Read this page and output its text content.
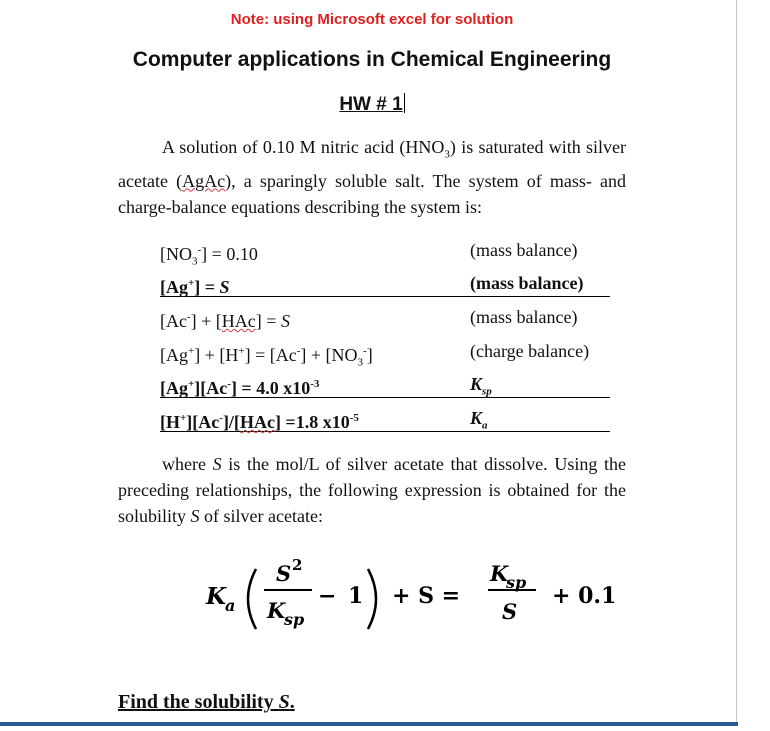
Note: using Microsoft excel for solution
Computer applications in Chemical Engineering
HW # 1
A solution of 0.10 M nitric acid $(HNO_3)$ is saturated with silver acetate (AgAc), a sparingly soluble salt. The system of mass- and charge-balance equations describing the system is:
$[NO_3^-] = 0.10$	(mass balance)
[Ag+] = S	(mass balance)
[Ac-] + [HAc] = S	(mass balance)
$[Ag^+] + [H^+] = [Ac^-] + [NO_3^-]$	(charge balance)
[Ag+][Ac-] = 4.0 $x10^{-3}$	$K_{sp}$
[H+][Ac-]/[HAc] =1.8 $x10^{-5}$	$K_a$
where S is the mol/L of silver acetate that dissolve. Using the preceding relationships, the following expression is obtained for the solubility S of silver acetate:
K a
S 2
K
sp
− 1 + S =
K
sp
S
+ 0.1
Find the solubility S.
